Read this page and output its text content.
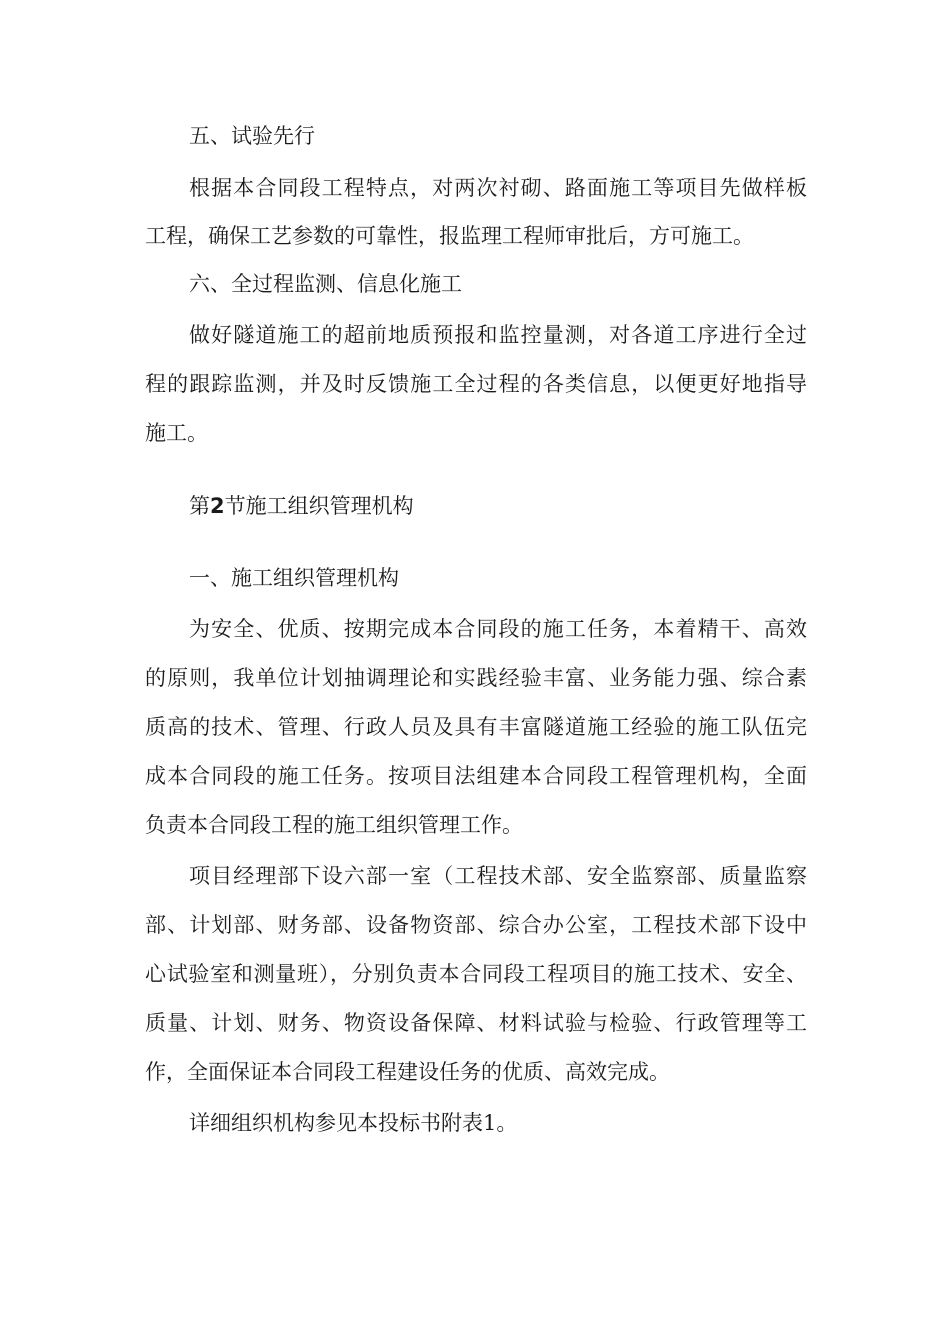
五、试验先行
根据本合同段工程特点，对两次衬砌、路面施工等项目先做样板
工程，确保工艺参数的可靠性，报监理工程师审批后，方可施工。
六、全过程监测、信息化施工
做好隧道施工的超前地质预报和监控量测，对各道工序进行全过
程的跟踪监测，并及时反馈施工全过程的各类信息，以便更好地指导
施工。
第2节施工组织管理机构
一、施工组织管理机构
为安全、优质、按期完成本合同段的施工任务，本着精干、高效
的原则，我单位计划抽调理论和实践经验丰富、业务能力强、综合素
质高的技术、管理、行政人员及具有丰富隧道施工经验的施工队伍完
成本合同段的施工任务。按项目法组建本合同段工程管理机构，全面
负责本合同段工程的施工组织管理工作。
项目经理部下设六部一室（工程技术部、安全监察部、质量监察
部、计划部、财务部、设备物资部、综合办公室，工程技术部下设中
心试验室和测量班），分别负责本合同段工程项目的施工技术、安全、
质量、计划、财务、物资设备保障、材料试验与检验、行政管理等工
作，全面保证本合同段工程建设任务的优质、高效完成。
详细组织机构参见本投标书附表1。
